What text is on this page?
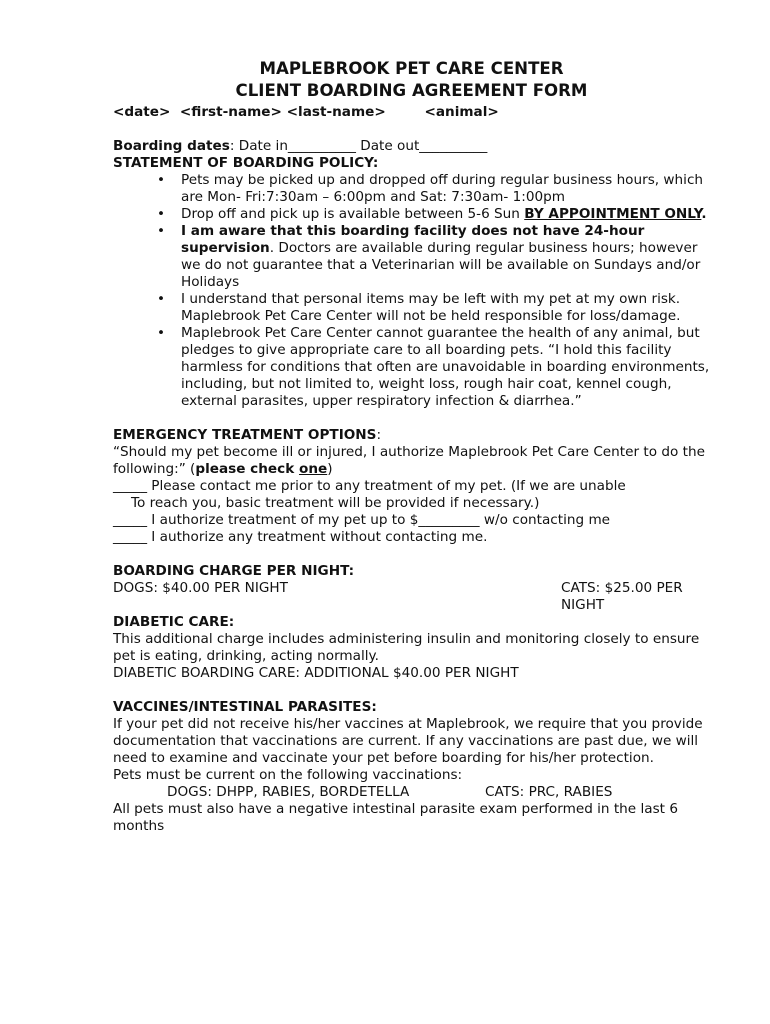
MAPLEBROOK PET CARE CENTER
CLIENT BOARDING AGREEMENT FORM
<date> <first-name> <last-name>	<animal>
Boarding dates: Date in__________ Date out__________
STATEMENT OF BOARDING POLICY:
• Pets may be picked up and dropped off during regular business hours, which are Mon- Fri:7:30am – 6:00pm and Sat: 7:30am- 1:00pm
• Drop off and pick up is available between 5-6 Sun BY APPOINTMENT ONLY.
• I am aware that this boarding facility does not have 24-hour supervision. Doctors are available during regular business hours; however we do not guarantee that a Veterinarian will be available on Sundays and/or Holidays
• I understand that personal items may be left with my pet at my own risk. Maplebrook Pet Care Center will not be held responsible for loss/damage.
• Maplebrook Pet Care Center cannot guarantee the health of any animal, but pledges to give appropriate care to all boarding pets. “I hold this facility harmless for conditions that often are unavoidable in boarding environments, including, but not limited to, weight loss, rough hair coat, kennel cough, external parasites, upper respiratory infection & diarrhea.”
EMERGENCY TREATMENT OPTIONS:
“Should my pet become ill or injured, I authorize Maplebrook Pet Care Center to do the following:” (please check one)
_____ Please contact me prior to any treatment of my pet. (If we are unable
To reach you, basic treatment will be provided if necessary.)
_____ I authorize treatment of my pet up to $_________ w/o contacting me
_____ I authorize any treatment without contacting me.
BOARDING CHARGE PER NIGHT:
DOGS: $40.00 PER NIGHT	CATS: $25.00 PER NIGHT
DIABETIC CARE:
This additional charge includes administering insulin and monitoring closely to ensure pet is eating, drinking, acting normally.
DIABETIC BOARDING CARE: ADDITIONAL $40.00 PER NIGHT
VACCINES/INTESTINAL PARASITES:
If your pet did not receive his/her vaccines at Maplebrook, we require that you provide documentation that vaccinations are current. If any vaccinations are past due, we will need to examine and vaccinate your pet before boarding for his/her protection.
Pets must be current on the following vaccinations:
DOGS: DHPP, RABIES, BORDETELLA	CATS: PRC, RABIES
All pets must also have a negative intestinal parasite exam performed in the last 6 months
